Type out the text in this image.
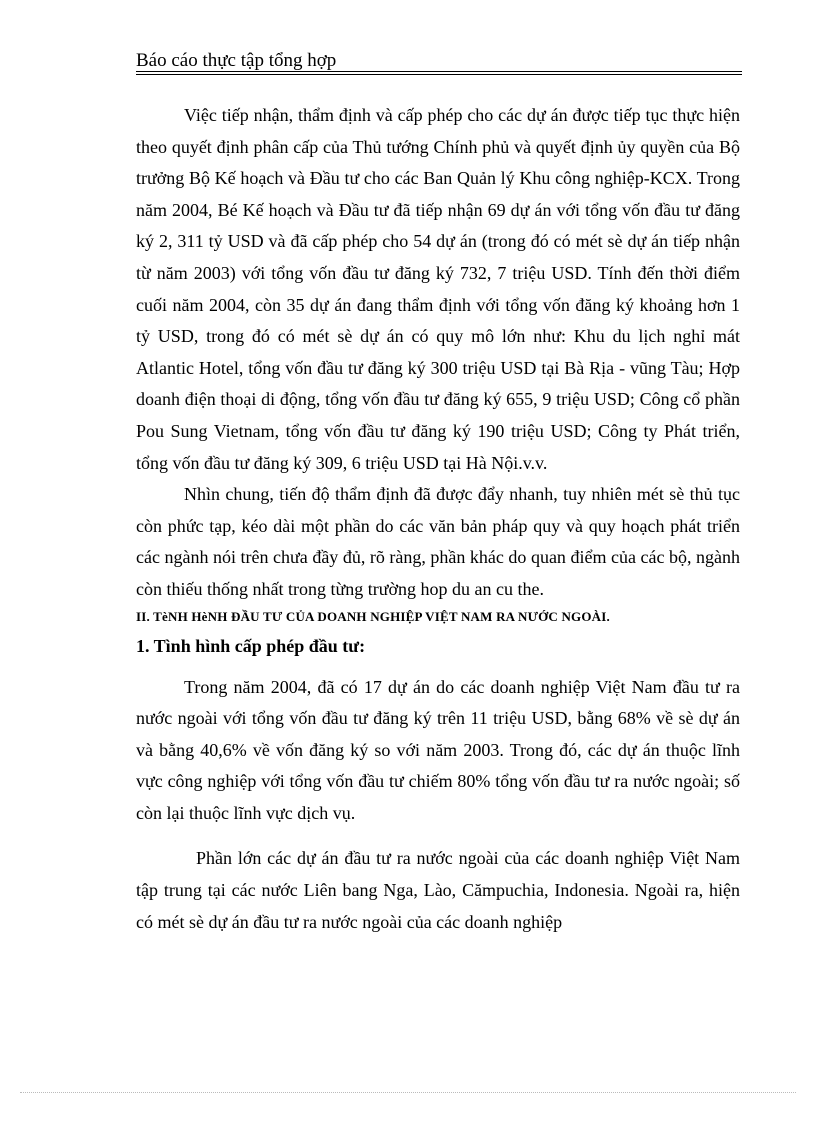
Báo cáo thực tập tổng hợp

Việc tiếp nhận, thẩm định và cấp phép cho các dự án được tiếp tục thực hiện theo quyết định phân cấp của Thủ tướng Chính phủ và quyết định ủy quyền của Bộ trưởng Bộ Kế hoạch và Đầu tư cho các Ban Quản lý Khu công nghiệp-KCX. Trong năm 2004, Bé Kế hoạch và Đầu tư đã tiếp nhận 69 dự án với tổng vốn đầu tư đăng ký 2, 311 tỷ USD và đã cấp phép cho 54 dự án (trong đó có mét sè dự án tiếp nhận từ năm 2003) với tổng vốn đầu tư đăng ký 732, 7 triệu USD. Tính đến thời điểm cuối năm 2004, còn 35 dự án đang thẩm định với tổng vốn đăng ký khoảng hơn 1 tỷ USD, trong đó có mét sè dự án có quy mô lớn như: Khu du lịch nghỉ mát Atlantic Hotel, tổng vốn đầu tư đăng ký 300 triệu USD tại Bà Rịa - vũng Tàu; Hợp doanh điện thoại di động, tổng vốn đầu tư đăng ký 655, 9 triệu USD; Công cổ phần Pou Sung Vietnam, tổng vốn đầu tư đăng ký 190 triệu USD; Công ty Phát triển, tổng vốn đầu tư đăng ký 309, 6 triệu USD tại Hà Nội.v.v.

Nhìn chung, tiến độ thẩm định đã được đẩy nhanh, tuy nhiên mét sè thủ tục còn phức tạp, kéo dài một phần do các văn bản pháp quy và quy hoạch phát triển các ngành nói trên chưa đầy đủ, rõ ràng, phần khác do quan điểm của các bộ, ngành còn thiếu thống nhất trong từng trường hop du an cu the.

II. TèNH HèNH ĐẦU TƯ CỦA DOANH NGHIỆP VIỆT NAM RA NƯỚC NGOÀI.
1. Tình hình cấp phép đầu tư:

Trong năm 2004, đã có 17 dự án do các doanh nghiệp Việt Nam đầu tư ra nước ngoài với tổng vốn đầu tư đăng ký trên 11 triệu USD, bằng 68% về sè dự án và bằng 40,6% về vốn đăng ký so với năm 2003. Trong đó, các dự án thuộc lĩnh vực công nghiệp với tổng vốn đầu tư chiếm 80% tổng vốn đầu tư ra nước ngoài; số còn lại thuộc lĩnh vực dịch vụ.

Phần lớn các dự án đầu tư ra nước ngoài của các doanh nghiệp Việt Nam tập trung tại các nước Liên bang Nga, Lào, Cămpuchia, Indonesia. Ngoài ra, hiện có mét sè dự án đầu tư ra nước ngoài của các doanh nghiệp
